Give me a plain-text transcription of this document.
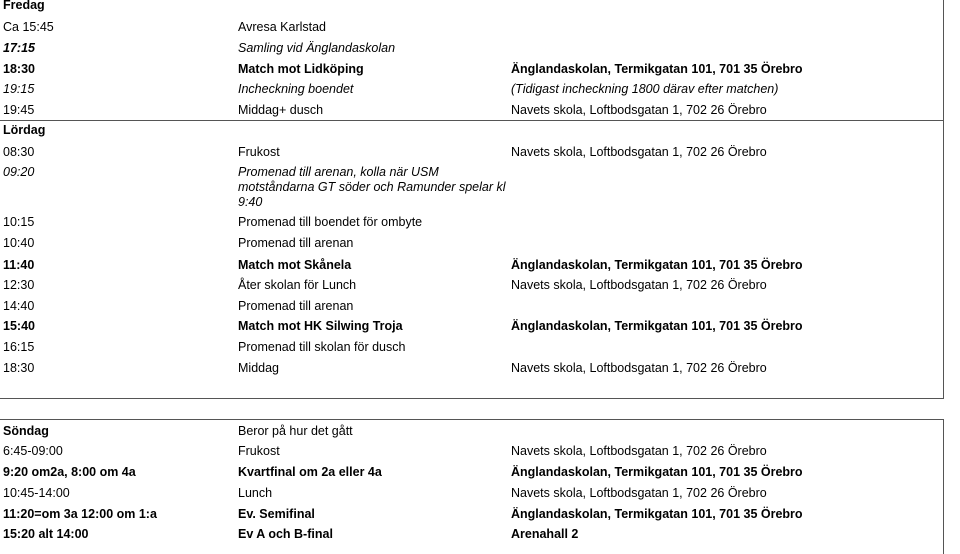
Fredag
Ca 15:45	Avresa Karlstad
17:15	Samling vid Änglandaskolan
18:30	Match mot Lidköping	Änglandaskolan, Termikgatan 101, 701 35 Örebro
19:15	Incheckning boendet	(Tidigast incheckning 1800 därav efter matchen)
19:45	Middag+ dusch	Navets skola, Loftbodsgatan 1, 702 26 Örebro
Lördag
08:30	Frukost	Navets skola, Loftbodsgatan 1, 702 26 Örebro
09:20	Promenad till arenan, kolla när USM motståndarna GT söder och Ramunder spelar kl 9:40
10:15	Promenad till boendet för ombyte
10:40	Promenad till arenan
11:40	Match mot Skånela	Änglandaskolan, Termikgatan 101, 701 35 Örebro
12:30	Åter skolan för Lunch	Navets skola, Loftbodsgatan 1, 702 26 Örebro
14:40	Promenad till arenan
15:40	Match mot HK Silwing Troja	Änglandaskolan, Termikgatan 101, 701 35 Örebro
16:15	Promenad till skolan för dusch
18:30	Middag	Navets skola, Loftbodsgatan 1, 702 26 Örebro
Söndag	Beror på hur det gått
6:45-09:00	Frukost	Navets skola, Loftbodsgatan 1, 702 26 Örebro
9:20 om2a, 8:00 om 4a	Kvartfinal om 2a eller 4a	Änglandaskolan, Termikgatan 101, 701 35 Örebro
10:45-14:00	Lunch	Navets skola, Loftbodsgatan 1, 702 26 Örebro
11:20=om 3a 12:00 om 1:a	Ev. Semifinal	Änglandaskolan, Termikgatan 101, 701 35 Örebro
15:20 alt 14:00	Ev A och B-final	Arenahall 2
